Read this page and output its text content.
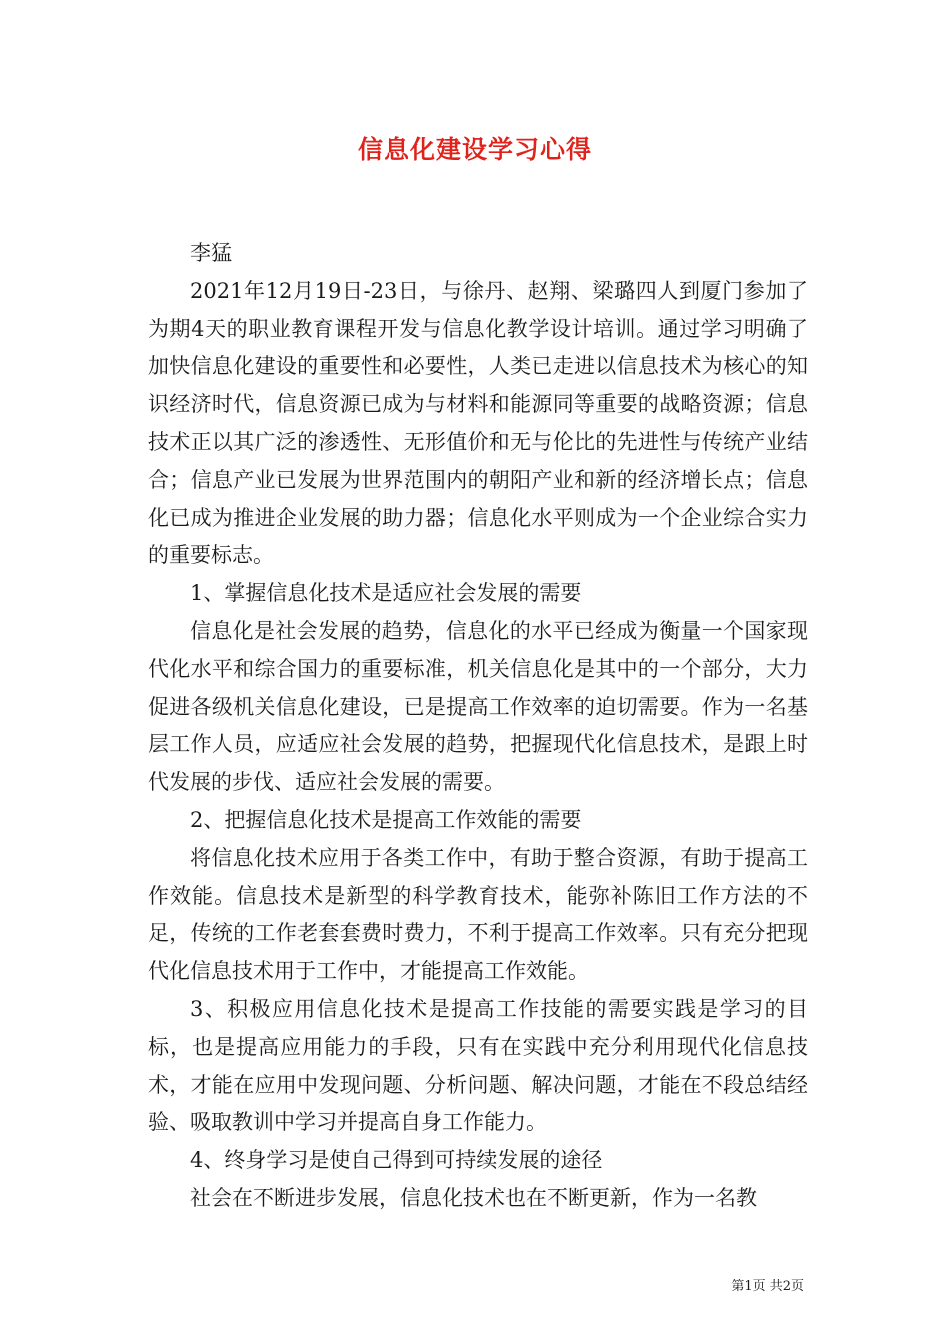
信息化建设学习心得

李猛

2021年12月19日-23日，与徐丹、赵翔、梁璐四人到厦门参加了为期4天的职业教育课程开发与信息化教学设计培训。通过学习明确了加快信息化建设的重要性和必要性，人类已走进以信息技术为核心的知识经济时代，信息资源已成为与材料和能源同等重要的战略资源；信息技术正以其广泛的渗透性、无形值价和无与伦比的先进性与传统产业结合；信息产业已发展为世界范围内的朝阳产业和新的经济增长点；信息化已成为推进企业发展的助力器；信息化水平则成为一个企业综合实力的重要标志。

1、掌握信息化技术是适应社会发展的需要

信息化是社会发展的趋势，信息化的水平已经成为衡量一个国家现代化水平和综合国力的重要标准，机关信息化是其中的一个部分，大力促进各级机关信息化建设，已是提高工作效率的迫切需要。作为一名基层工作人员，应适应社会发展的趋势，把握现代化信息技术，是跟上时代发展的步伐、适应社会发展的需要。

2、把握信息化技术是提高工作效能的需要

将信息化技术应用于各类工作中，有助于整合资源，有助于提高工作效能。信息技术是新型的科学教育技术，能弥补陈旧工作方法的不足，传统的工作老套套费时费力，不利于提高工作效率。只有充分把现代化信息技术用于工作中，才能提高工作效能。

3、积极应用信息化技术是提高工作技能的需要实践是学习的目标，也是提高应用能力的手段，只有在实践中充分利用现代化信息技术，才能在应用中发现问题、分析问题、解决问题，才能在不段总结经验、吸取教训中学习并提高自身工作能力。

4、终身学习是使自己得到可持续发展的途径

社会在不断进步发展，信息化技术也在不断更新，作为一名教

第1页 共2页
